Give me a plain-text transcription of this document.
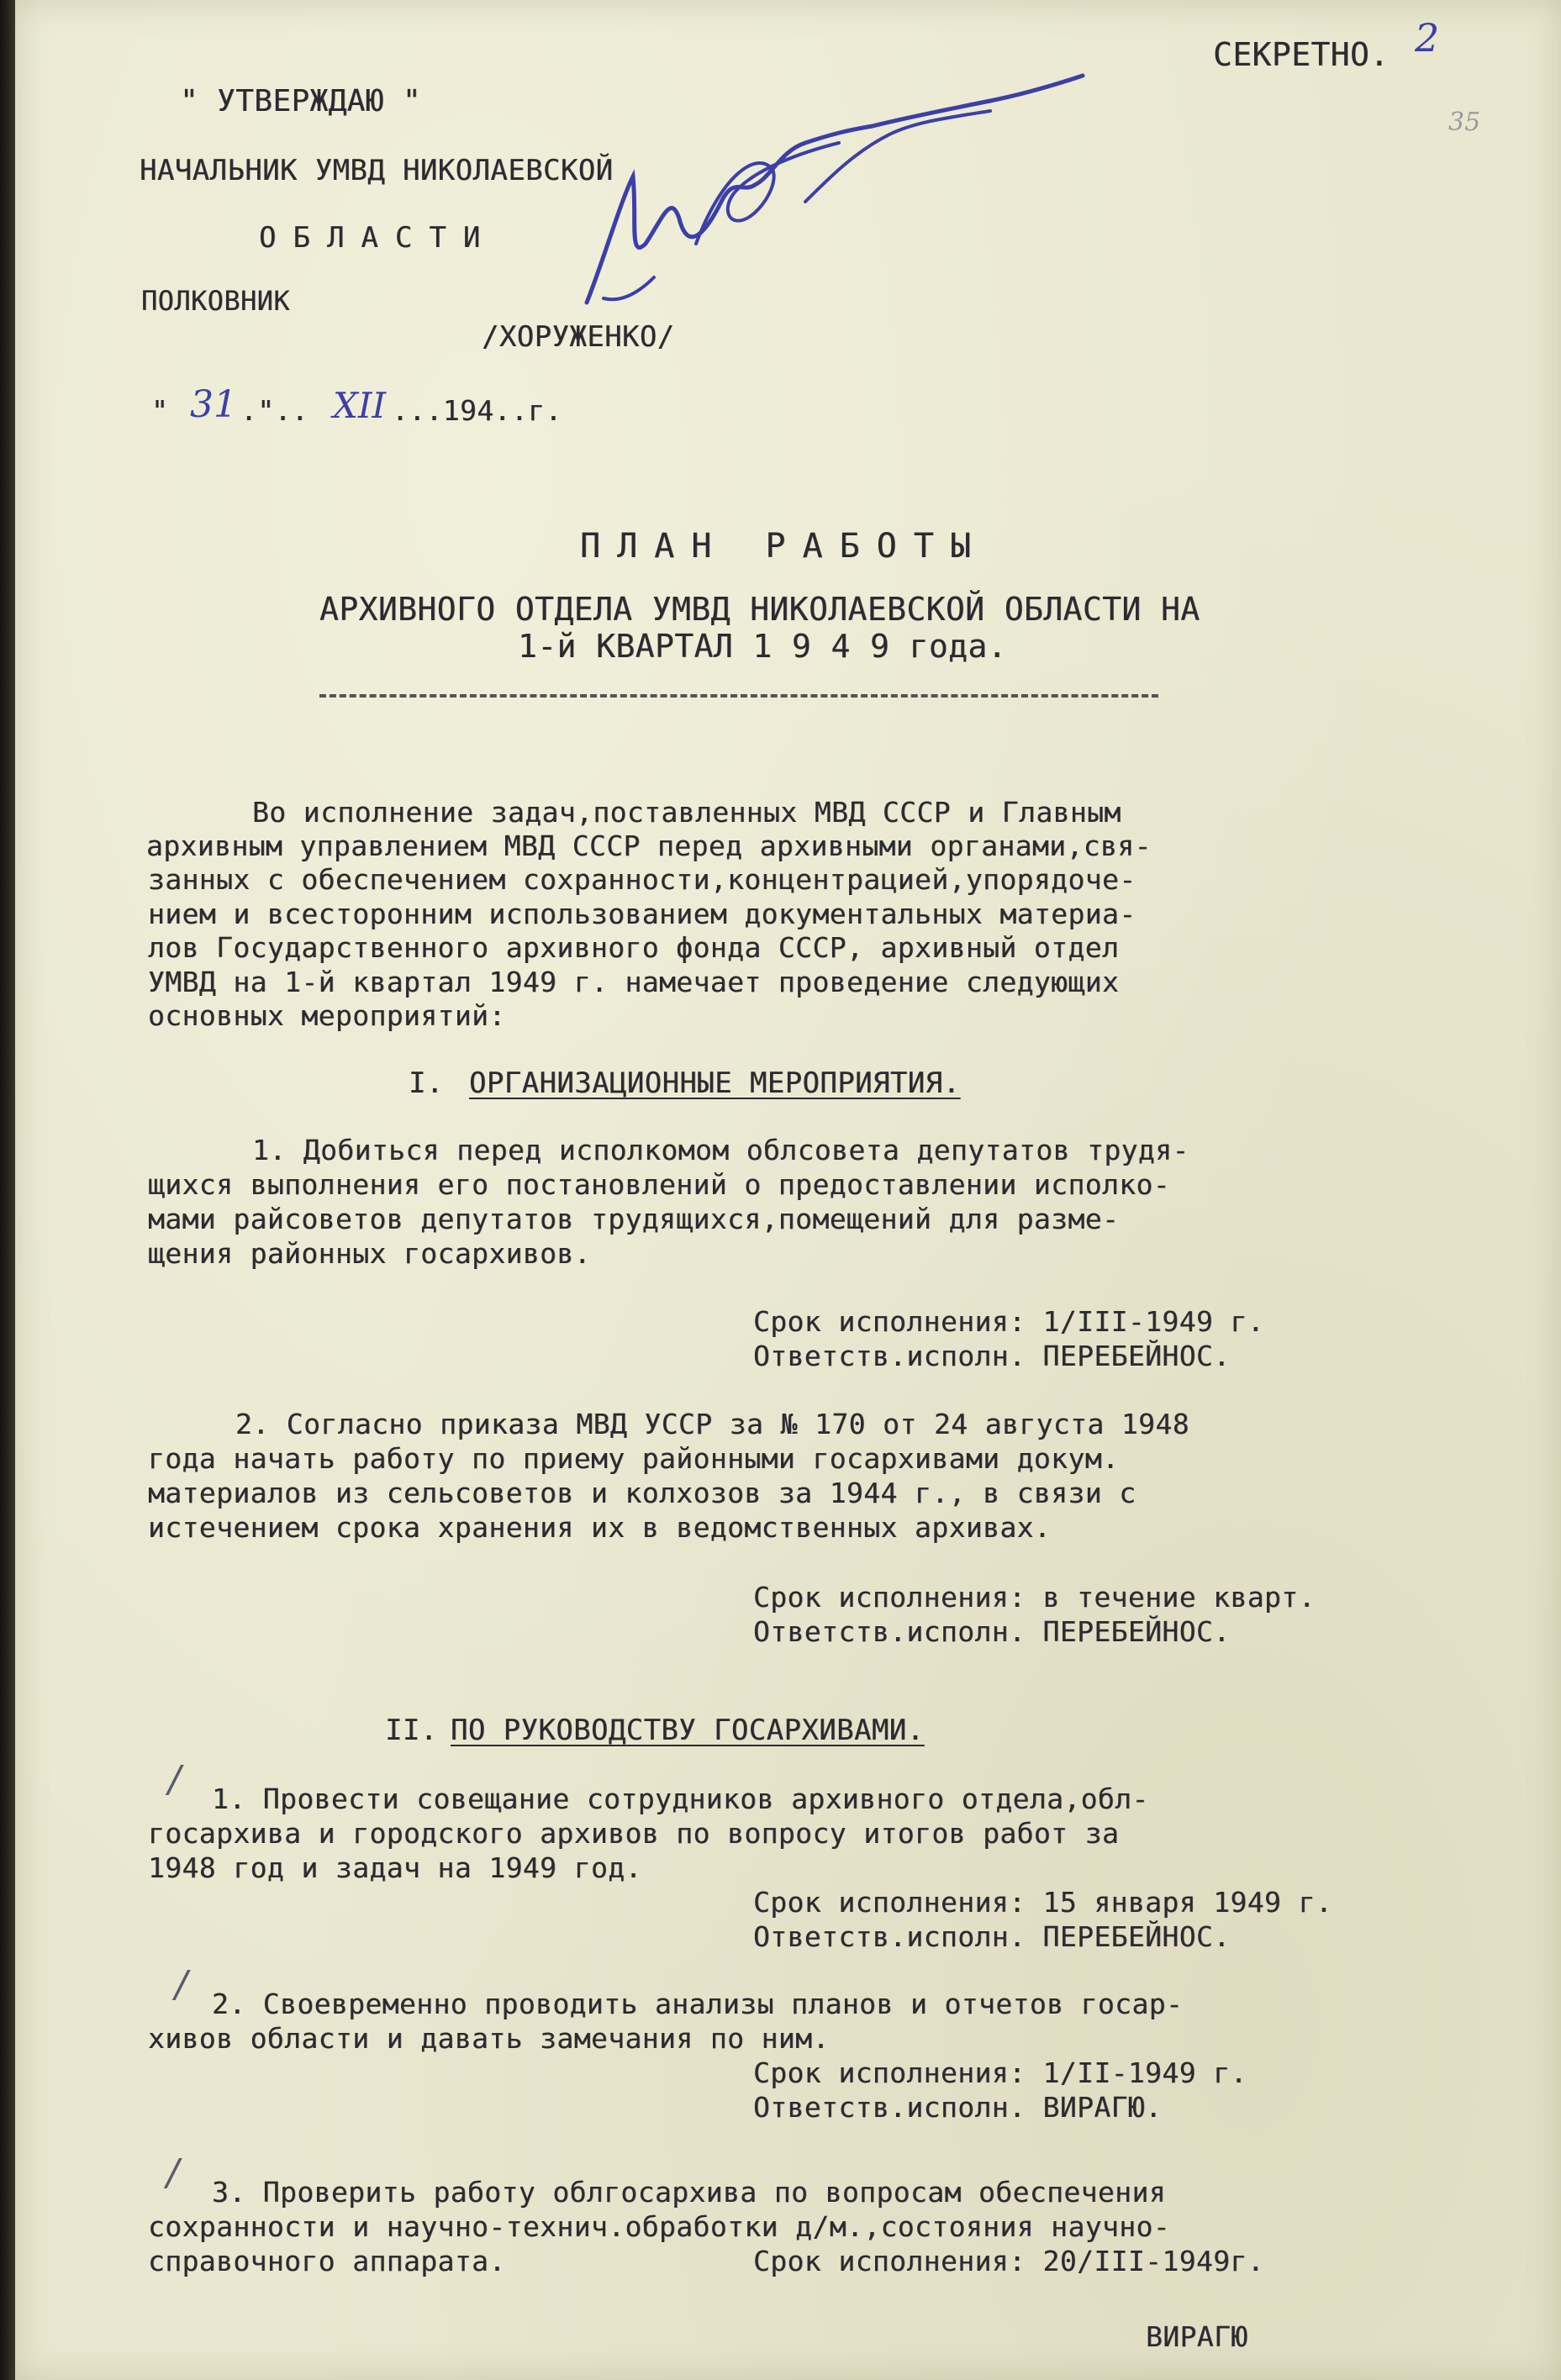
СЕКРЕТНО. 2
35
" УТВЕРЖДАЮ "
НАЧАЛЬНИК УМВД НИКОЛАЕВСКОЙ
ОБЛАСТИ
ПОЛКОВНИК
/ХОРУЖЕНКО/
" 31 .".. XII ...194..г.
ПЛАН РАБОТЫ
АРХИВНОГО ОТДЕЛА УМВД НИКОЛАЕВСКОЙ ОБЛАСТИ НА
1-й КВАРТАЛ 1 9 4 9 года.
Во исполнение задач,поставленных МВД СССР и Главным
архивным управлением МВД СССР перед архивными органами,свя-
занных с обеспечением сохранности,концентрацией,упорядоче-
нием и всесторонним использованием документальных материа-
лов Государственного архивного фонда СССР, архивный отдел
УМВД на 1-й квартал 1949 г. намечает проведение следующих
основных мероприятий:
I. ОРГАНИЗАЦИОННЫЕ МЕРОПРИЯТИЯ.
1. Добиться перед исполкомом облсовета депутатов трудя-
щихся выполнения его постановлений о предоставлении исполко-
мами райсоветов депутатов трудящихся,помещений для разме-
щения районных госархивов.
Срок исполнения: 1/III-1949 г.
Ответств.исполн. ПЕРЕБЕЙНОС.
2. Согласно приказа МВД УССР за № 170 от 24 августа 1948
года начать работу по приему районными госархивами докум.
материалов из сельсоветов и колхозов за 1944 г., в связи с
истечением срока хранения их в ведомственных архивах.
Срок исполнения: в течение кварт.
Ответств.исполн. ПЕРЕБЕЙНОС.
II. ПО РУКОВОДСТВУ ГОСАРХИВАМИ.
/ 1. Провести совещание сотрудников архивного отдела,обл-
госархива и городского архивов по вопросу итогов работ за
1948 год и задач на 1949 год.
Срок исполнения: 15 января 1949 г.
Ответств.исполн. ПЕРЕБЕЙНОС.
/ 2. Своевременно проводить анализы планов и отчетов госар-
хивов области и давать замечания по ним.
Срок исполнения: 1/II-1949 г.
Ответств.исполн. ВИРАГЮ.
/ 3. Проверить работу облгосархива по вопросам обеспечения
сохранности и научно-технич.обработки д/м.,состояния научно-
справочного аппарата.	Срок исполнения: 20/III-1949г.
ВИРАГЮ
